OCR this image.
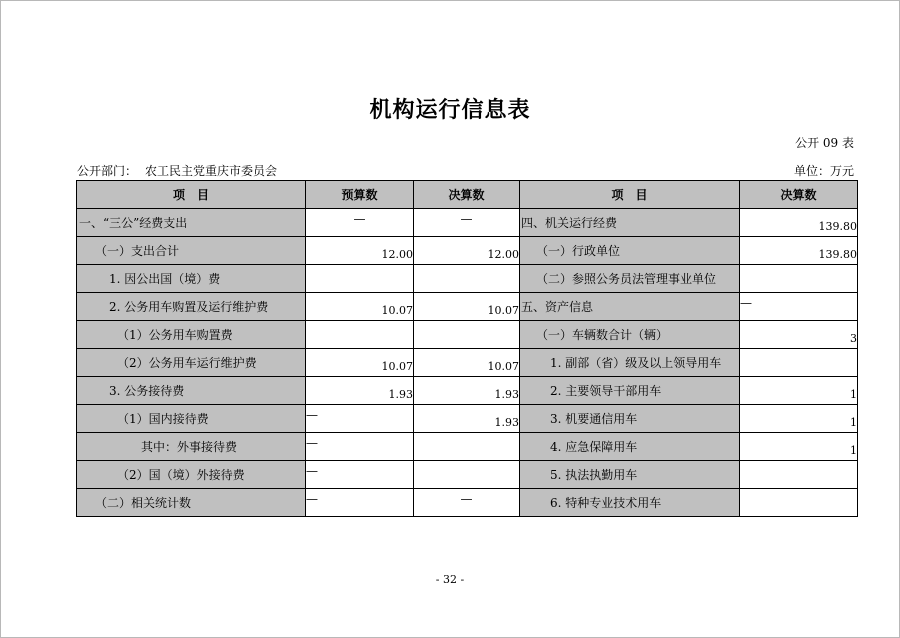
机构运行信息表
公开 09 表
公开部门： 农工民主党重庆市委员会	单位：万元
项　目	预算数	决算数	项　目	决算数
一、“三公”经费支出	—	—	四、机关运行经费	139.80
（一）支出合计	12.00	12.00	（一）行政单位	139.80
1. 因公出国（境）费			（二）参照公务员法管理事业单位	
2. 公务用车购置及运行维护费	10.07	10.07	五、资产信息	—
（1）公务用车购置费			（一）车辆数合计（辆）	3
（2）公务用车运行维护费	10.07	10.07	1. 副部（省）级及以上领导用车	
3. 公务接待费	1.93	1.93	2. 主要领导干部用车	1
（1）国内接待费	—	1.93	3. 机要通信用车	1
其中：外事接待费	—		4. 应急保障用车	1
（2）国（境）外接待费	—		5. 执法执勤用车	
（二）相关统计数	—	—	6. 特种专业技术用车	
- 32 -
